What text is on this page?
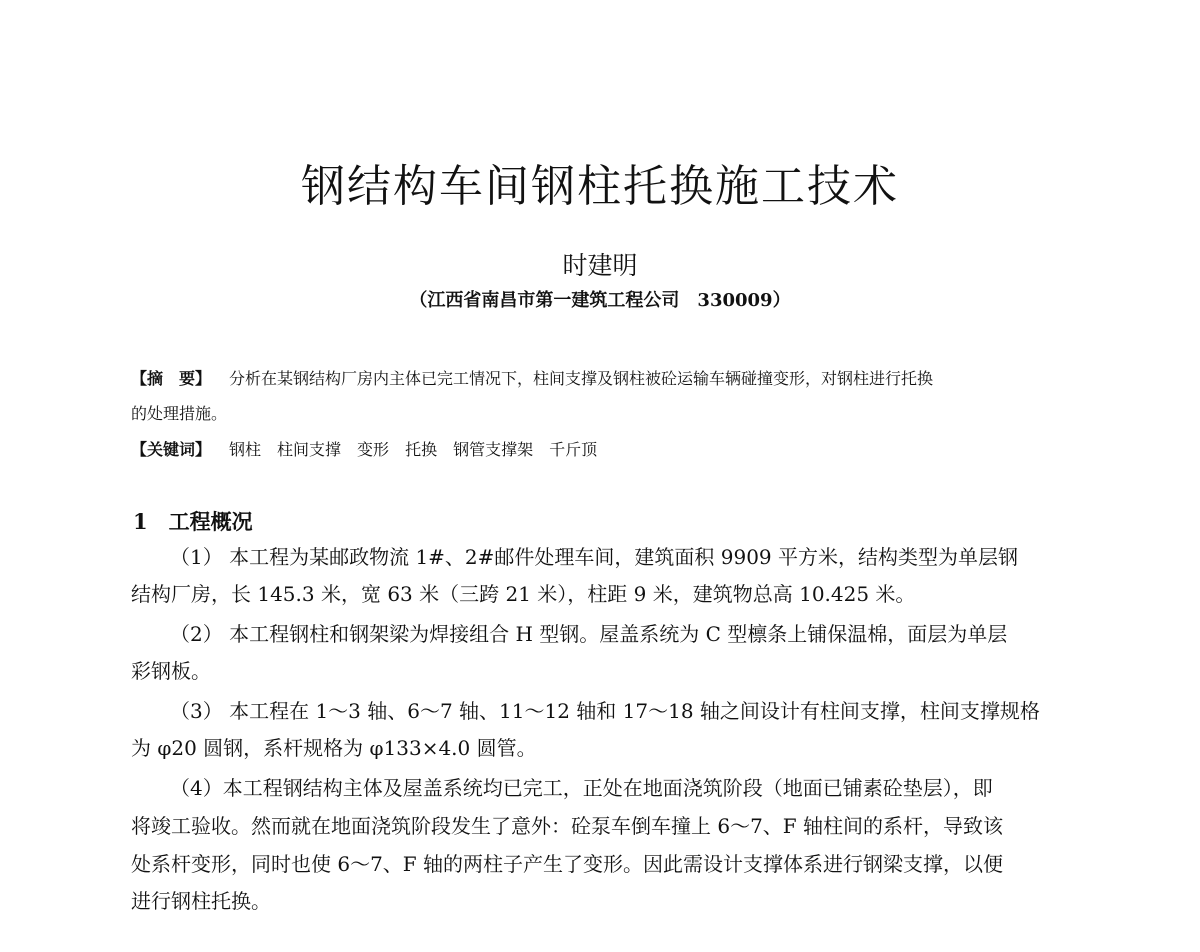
钢结构车间钢柱托换施工技术
时建明
（江西省南昌市第一建筑工程公司　330009）
【摘　要】 分析在某钢结构厂房内主体已完工情况下，柱间支撑及钢柱被砼运输车辆碰撞变形，对钢柱进行托换
的处理措施。
【关键词】 钢柱 柱间支撑 变形 托换 钢管支撑架 千斤顶
1　工程概况
（1） 本工程为某邮政物流 1#、2#邮件处理车间，建筑面积 9909 平方米，结构类型为单层钢
结构厂房，长 145.3 米，宽 63 米（三跨 21 米），柱距 9 米，建筑物总高 10.425 米。
（2） 本工程钢柱和钢架梁为焊接组合 H 型钢。屋盖系统为 C 型檩条上铺保温棉，面层为单层
彩钢板。
（3） 本工程在 1～3 轴、6～7 轴、11～12 轴和 17～18 轴之间设计有柱间支撑，柱间支撑规格
为 φ20 圆钢，系杆规格为 φ133×4.0 圆管。
（4）本工程钢结构主体及屋盖系统均已完工，正处在地面浇筑阶段（地面已铺素砼垫层），即
将竣工验收。然而就在地面浇筑阶段发生了意外：砼泵车倒车撞上 6～7、F 轴柱间的系杆，导致该
处系杆变形，同时也使 6～7、F 轴的两柱子产生了变形。因此需设计支撑体系进行钢梁支撑，以便
进行钢柱托换。
